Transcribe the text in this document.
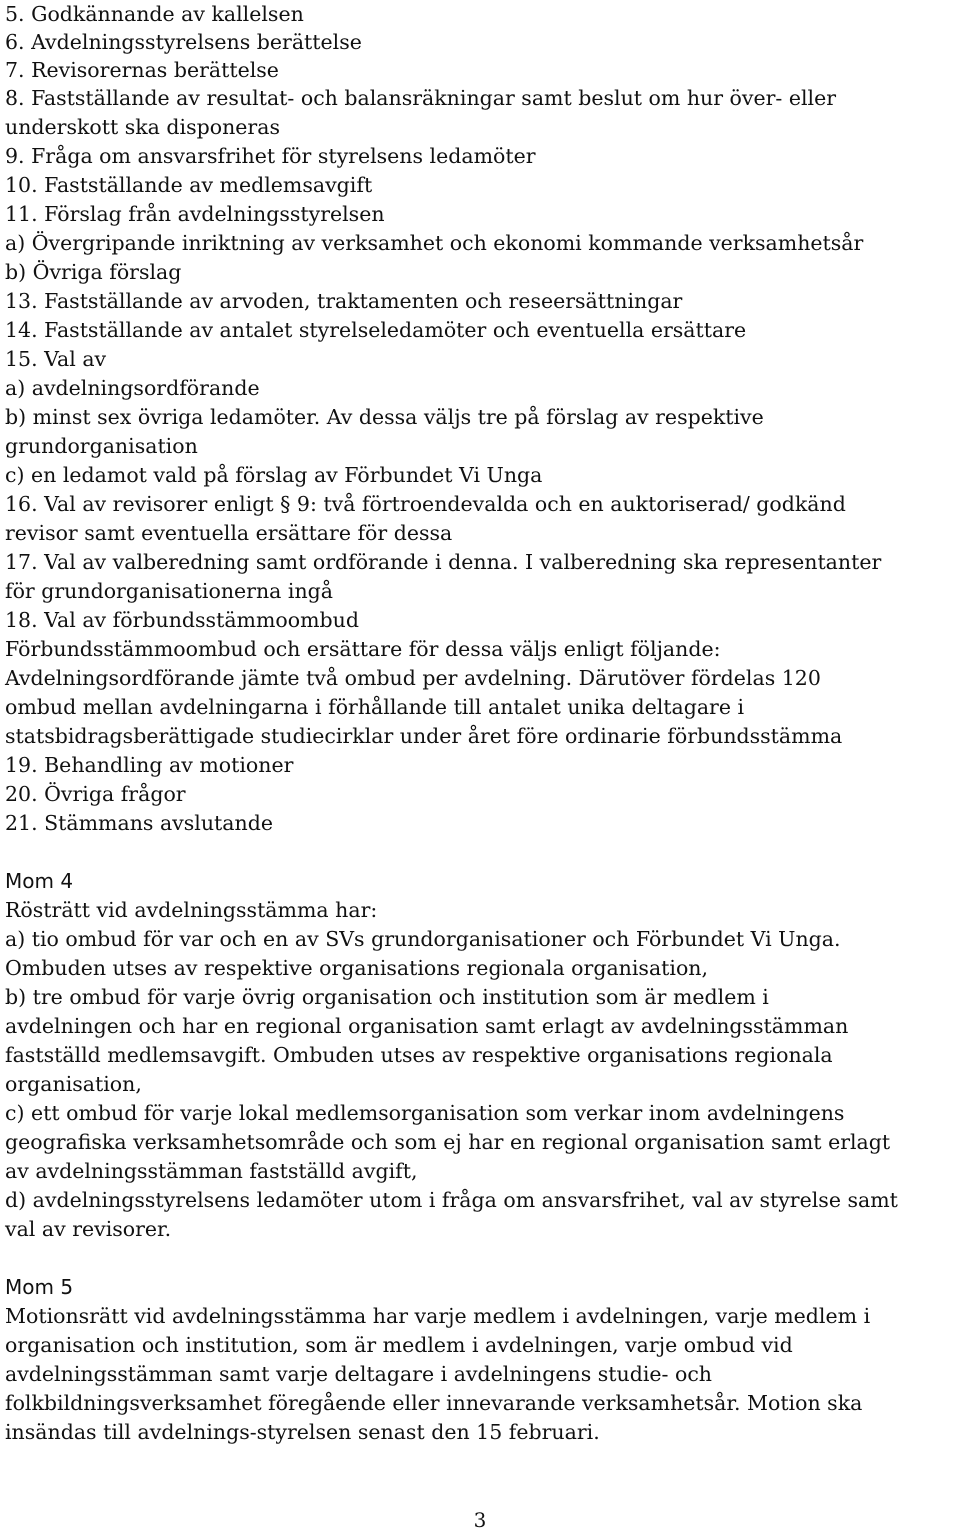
5. Godkännande av kallelsen

6. Avdelningsstyrelsens berättelse

7. Revisorernas berättelse

8. Fastställande av resultat- och balansräkningar samt beslut om hur över- eller

underskott ska disponeras

9. Fråga om ansvarsfrihet för styrelsens ledamöter

10. Fastställande av medlemsavgift

11. Förslag från avdelningsstyrelsen

a) Övergripande inriktning av verksamhet och ekonomi kommande verksamhetsår

b) Övriga förslag

13. Fastställande av arvoden, traktamenten och reseersättningar

14. Fastställande av antalet styrelseledamöter och eventuella ersättare

15. Val av

a) avdelningsordförande

b) minst sex övriga ledamöter. Av dessa väljs tre på förslag av respektive

grundorganisation

c) en ledamot vald på förslag av Förbundet Vi Unga

16. Val av revisorer enligt § 9: två förtroendevalda och en auktoriserad/ godkänd

revisor samt eventuella ersättare för dessa

17. Val av valberedning samt ordförande i denna. I valberedning ska representanter

för grundorganisationerna ingå

18. Val av förbundsstämmoombud

Förbundsstämmoombud och ersättare för dessa väljs enligt följande:

Avdelningsordförande jämte två ombud per avdelning. Därutöver fördelas 120

ombud mellan avdelningarna i förhållande till antalet unika deltagare i

statsbidragsberättigade studiecirklar under året före ordinarie förbundsstämma

19. Behandling av motioner

20. Övriga frågor

21. Stämmans avslutande

Mom 4

Rösträtt vid avdelningsstämma har:

a) tio ombud för var och en av SVs grundorganisationer och Förbundet Vi Unga.

Ombuden utses av respektive organisations regionala organisation,

b) tre ombud för varje övrig organisation och institution som är medlem i

avdelningen och har en regional organisation samt erlagt av avdelningsstämman

fastställd medlemsavgift. Ombuden utses av respektive organisations regionala

organisation,

c) ett ombud för varje lokal medlemsorganisation som verkar inom avdelningens

geografiska verksamhetsområde och som ej har en regional organisation samt erlagt

av avdelningsstämman fastställd avgift,

d) avdelningsstyrelsens ledamöter utom i fråga om ansvarsfrihet, val av styrelse samt

val av revisorer.

Mom 5

Motionsrätt vid avdelningsstämma har varje medlem i avdelningen, varje medlem i

organisation och institution, som är medlem i avdelningen, varje ombud vid

avdelningsstämman samt varje deltagare i avdelningens studie- och

folkbildningsverksamhet föregående eller innevarande verksamhetsår. Motion ska

insändas till avdelnings-styrelsen senast den 15 februari.

3
